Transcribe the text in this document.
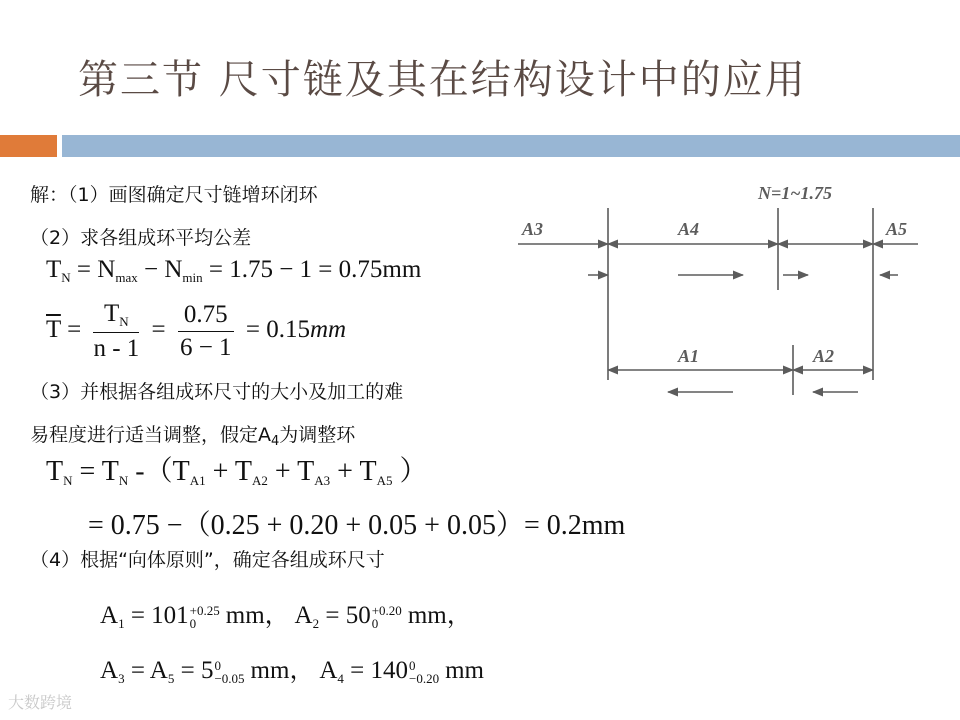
第三节 尺寸链及其在结构设计中的应用
解：（1）画图确定尺寸链增环闭环
（2）求各组成环平均公差
$T_N = N_{max} - N_{min} = 1.75 - 1 = 0.75mm$
$\overline{T} = \frac{T_N}{n - 1} = \frac{0.75}{6 - 1} = 0.15mm$
（3）并根据各组成环尺寸的大小及加工的难
易程度进行适当调整，假定$A_4$为调整环
$T_N = T_N$ $-(T_{A1} + T_{A2} + T_{A3} + T_{A5}$ ）
= 0.75 −（0.25 + 0.20 + 0.05 + 0.05）= 0.2mm
（4）根据“向体原则”，确定各组成环尺寸
$A_1 = 101 +0.25$
0	mm， $A_2 = 50 +0.20$
0	mm，
$A_3 = A_5 = 5$ 0
−0.05 mm， $A_4 = 140$ 0
−0.20 mm
N=1~1.75
A3	A4	A5
A1	A2
大数跨境
